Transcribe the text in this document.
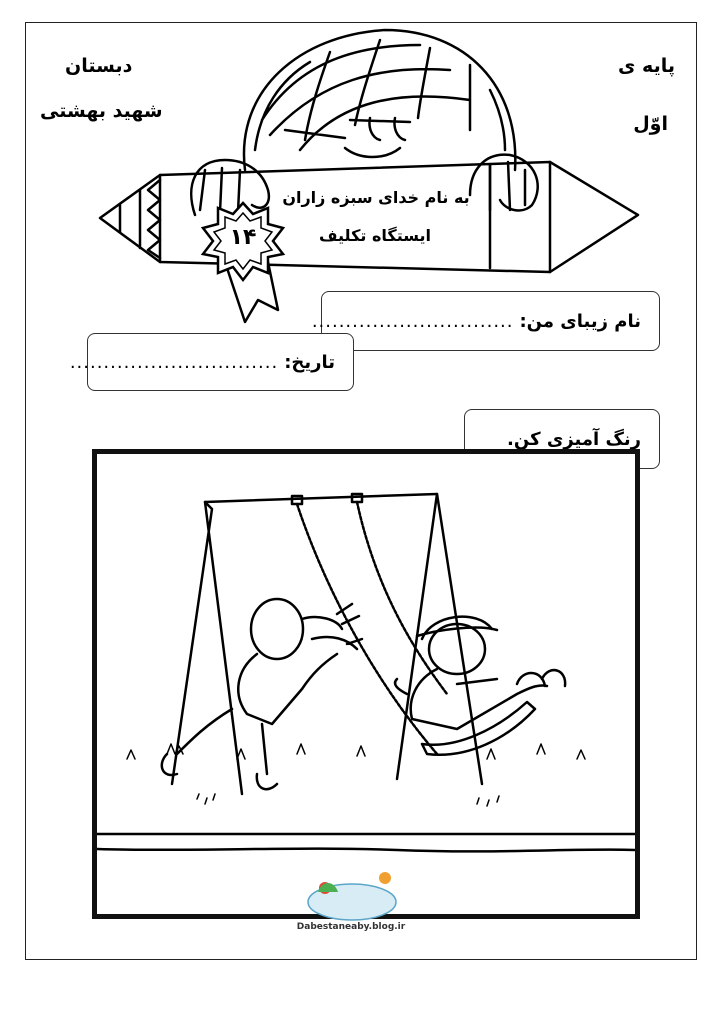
پایه ی
اوّل
دبستان
شهید بهشتی
به نام خدای سبزه زاران
ایستگاه تکلیف
۱۴
نام زیبای من:
..............................
تاریخ:
...............................
رنگ آمیزی کن.
Dabestaneaby.blog.ir
